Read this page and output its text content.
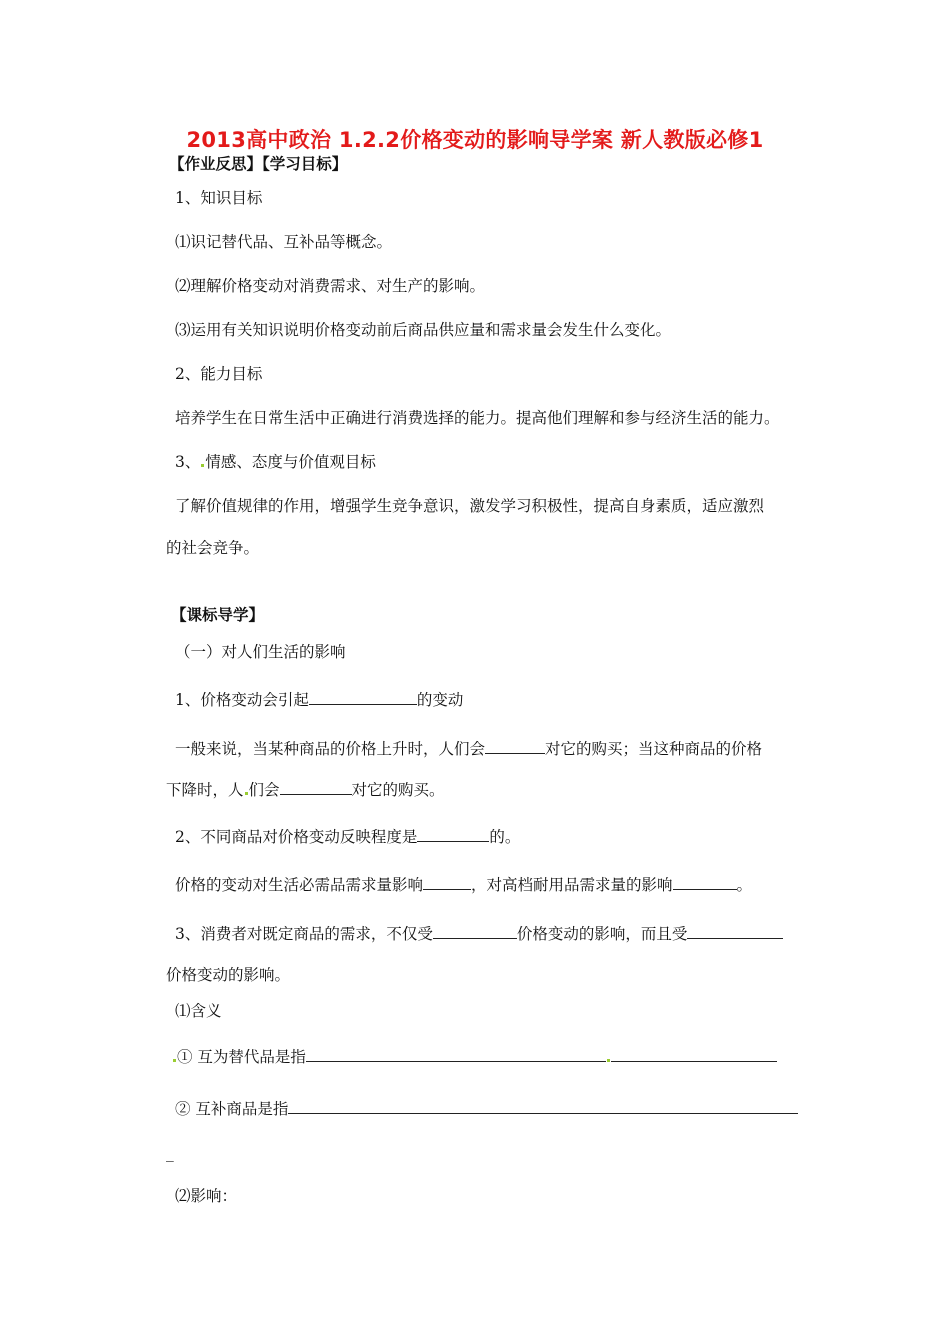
2013高中政治 1.2.2价格变动的影响导学案 新人教版必修1
【作业反思】【学习目标】
1、知识目标
⑴识记替代品、互补品等概念。
⑵理解价格变动对消费需求、对生产的影响。
⑶运用有关知识说明价格变动前后商品供应量和需求量会发生什么变化。
2、能力目标
培养学生在日常生活中正确进行消费选择的能力。提高他们理解和参与经济生活的能力。
3、 情感、态度与价值观目标
了解价值规律的作用，增强学生竞争意识，激发学习积极性，提高自身素质，适应激烈
的社会竞争。
【课标导学】
（一）对人们生活的影响
1、价格变动会引起	的变动
一般来说，当某种商品的价格上升时，人们会	对它的购买；当这种商品的价格
下降时，人 们会	对它的购买。
2、不同商品对价格变动反映程度是	的。
价格的变动对生活必需品需求量影响	，对高档耐用品需求量的影响	。
3、消费者对既定商品的需求，不仅受	价格变动的影响，而且受
价格变动的影响。
⑴含义
① 互为替代品是指
② 互补商品是指
_
⑵影响：
